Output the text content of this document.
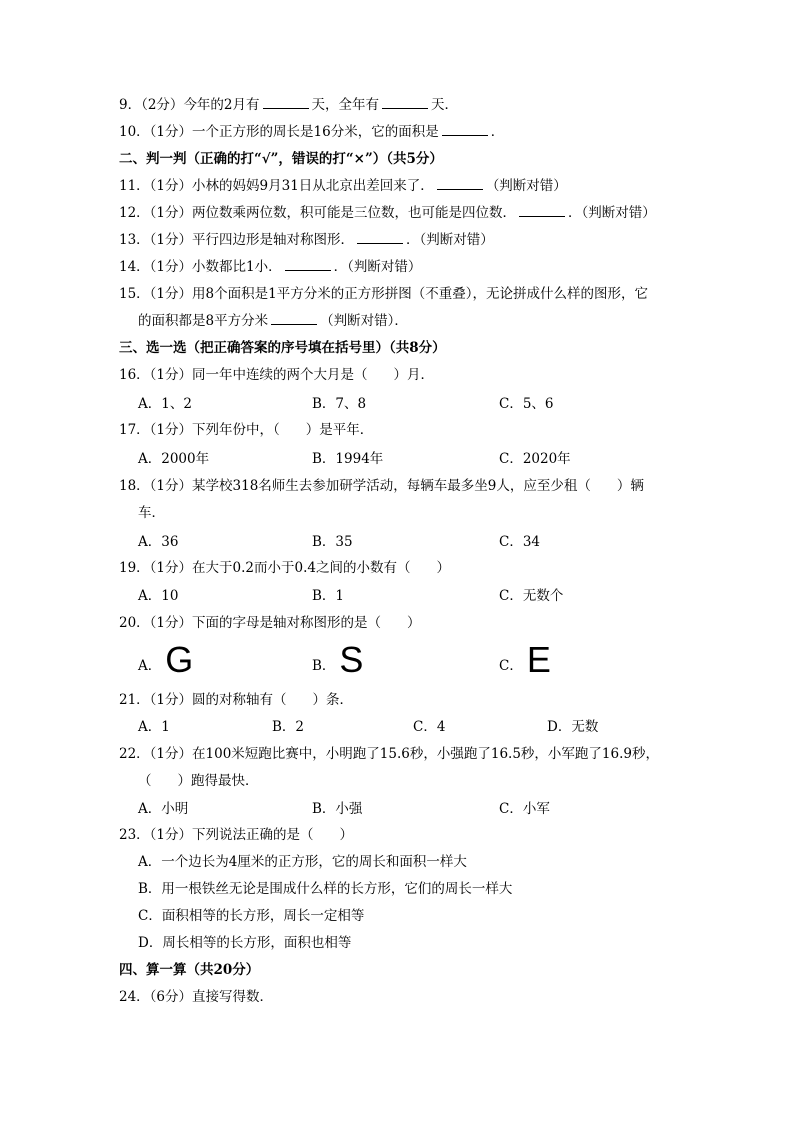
9．（2分）今年的2月有	天，全年有	天．
10．（1分）一个正方形的周长是16分米，它的面积是	．
二、判一判（正确的打“√”，错误的打“×”）（共5分）
11．（1分）小林的妈妈9月31日从北京出差回来了．	（判断对错）
12．（1分）两位数乘两位数，积可能是三位数，也可能是四位数．	．（判断对错）
13．（1分）平行四边形是轴对称图形．	．（判断对错）
14．（1分）小数都比1小．	．（判断对错）
15．（1分）用8个面积是1平方分米的正方形拼图（不重叠），无论拼成什么样的图形，它
的面积都是8平方分米	（判断对错）．
三、选一选（把正确答案的序号填在括号里）（共8分）
16．（1分）同一年中连续的两个大月是（ ）月．
A．1、2	B．7、8	C．5、6
17．（1分）下列年份中，（ ）是平年．
A．2000年	B．1994年	C．2020年
18．（1分）某学校318名师生去参加研学活动，每辆车最多坐9人，应至少租（ ）辆
车．
A．36	B．35	C．34
19．（1分）在大于0.2而小于0.4之间的小数有（ ）
A．10	B．1	C．无数个
20．（1分）下面的字母是轴对称图形的是（ ）
A． G	B． S	C． E
21．（1分）圆的对称轴有（ ）条．
A．1	B．2	C．4	D．无数
22．（1分）在100米短跑比赛中，小明跑了15.6秒，小强跑了16.5秒，小军跑了16.9秒，
（ ）跑得最快．
A．小明	B．小强	C．小军
23．（1分）下列说法正确的是（ ）
A．一个边长为4厘米的正方形，它的周长和面积一样大
B．用一根铁丝无论是围成什么样的长方形，它们的周长一样大
C．面积相等的长方形，周长一定相等
D．周长相等的长方形，面积也相等
四、算一算（共20分）
24．（6分）直接写得数．
